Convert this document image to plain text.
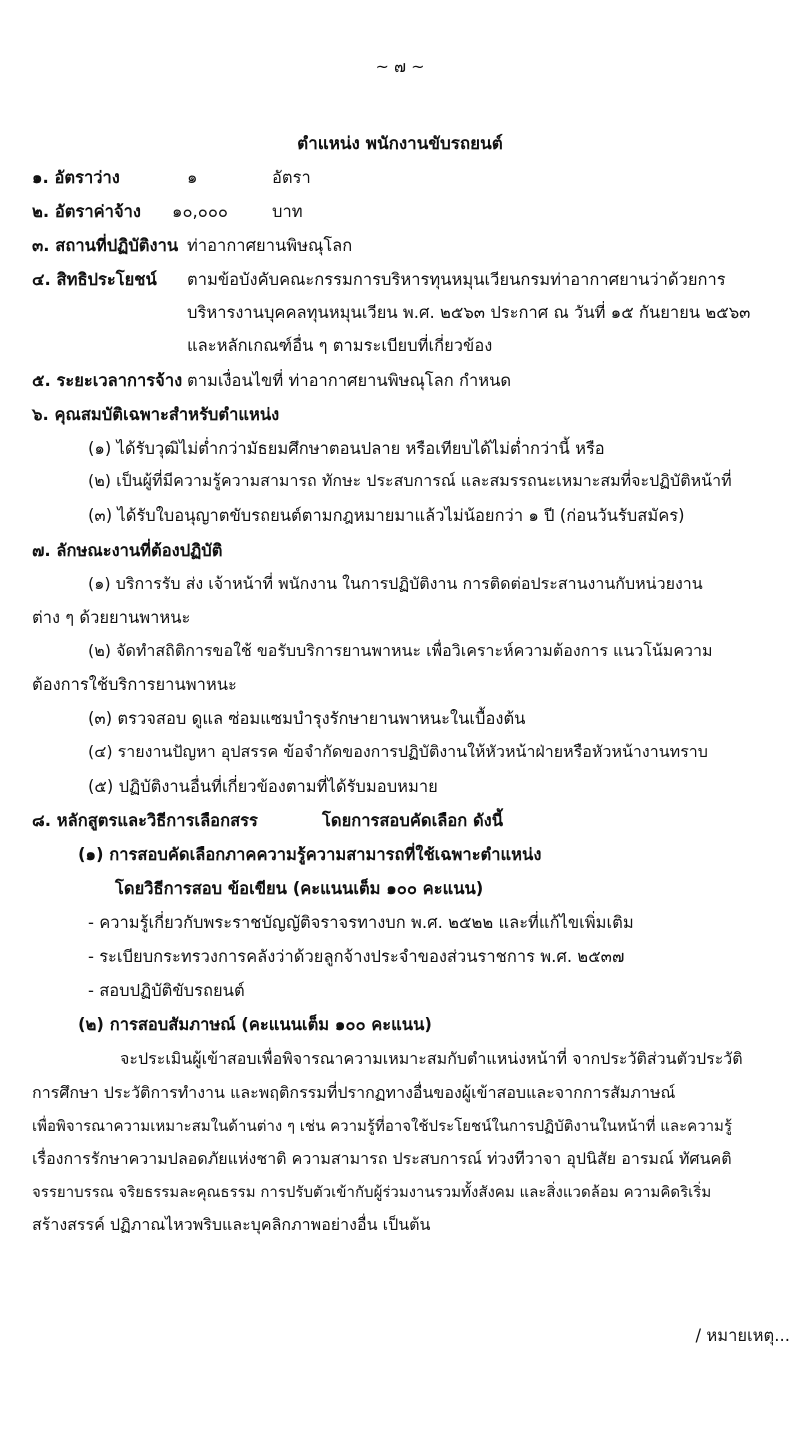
~ ๗ ~
ตำแหน่ง พนักงานขับรถยนต์
๑. อัตราว่าง	๑	อัตรา
๒. อัตราค่าจ้าง ๑๐,๐๐๐	บาท
๓. สถานที่ปฏิบัติงาน ท่าอากาศยานพิษณุโลก
๔. สิทธิประโยชน์ ตามข้อบังคับคณะกรรมการบริหารทุนหมุนเวียนกรมท่าอากาศยานว่าด้วยการ
บริหารงานบุคคลทุนหมุนเวียน พ.ศ. ๒๕๖๓ ประกาศ ณ วันที่ ๑๕ กันยายน ๒๕๖๓
และหลักเกณฑ์อื่น ๆ ตามระเบียบที่เกี่ยวข้อง
๕. ระยะเวลาการจ้าง ตามเงื่อนไขที่ ท่าอากาศยานพิษณุโลก กำหนด
๖. คุณสมบัติเฉพาะสำหรับตำแหน่ง
(๑) ได้รับวุฒิไม่ต่ำกว่ามัธยมศึกษาตอนปลาย หรือเทียบได้ไม่ต่ำกว่านี้ หรือ
(๒) เป็นผู้ที่มีความรู้ความสามารถ ทักษะ ประสบการณ์ และสมรรถนะเหมาะสมที่จะปฏิบัติหน้าที่
(๓) ได้รับใบอนุญาตขับรถยนต์ตามกฎหมายมาแล้วไม่น้อยกว่า ๑ ปี (ก่อนวันรับสมัคร)
๗. ลักษณะงานที่ต้องปฏิบัติ
(๑) บริการรับ ส่ง เจ้าหน้าที่ พนักงาน ในการปฏิบัติงาน การติดต่อประสานงานกับหน่วยงาน
ต่าง ๆ ด้วยยานพาหนะ
(๒) จัดทำสถิติการขอใช้ ขอรับบริการยานพาหนะ เพื่อวิเคราะห์ความต้องการ แนวโน้มความ
ต้องการใช้บริการยานพาหนะ
(๓) ตรวจสอบ ดูแล ซ่อมแซมบำรุงรักษายานพาหนะในเบื้องต้น
(๔) รายงานปัญหา อุปสรรค ข้อจำกัดของการปฏิบัติงานให้หัวหน้าฝ่ายหรือหัวหน้างานทราบ
(๕) ปฏิบัติงานอื่นที่เกี่ยวข้องตามที่ได้รับมอบหมาย
๘. หลักสูตรและวิธีการเลือกสรร	โดยการสอบคัดเลือก ดังนี้
(๑) การสอบคัดเลือกภาคความรู้ความสามารถที่ใช้เฉพาะตำแหน่ง
โดยวิธีการสอบ ข้อเขียน (คะแนนเต็ม ๑๐๐ คะแนน)
- ความรู้เกี่ยวกับพระราชบัญญัติจราจรทางบก พ.ศ. ๒๕๒๒ และที่แก้ไขเพิ่มเติม
- ระเบียบกระทรวงการคลังว่าด้วยลูกจ้างประจำของส่วนราชการ พ.ศ. ๒๕๓๗
- สอบปฏิบัติขับรถยนต์
(๒) การสอบสัมภาษณ์ (คะแนนเต็ม ๑๐๐ คะแนน)
จะประเมินผู้เข้าสอบเพื่อพิจารณาความเหมาะสมกับตำแหน่งหน้าที่ จากประวัติส่วนตัวประวัติ
การศึกษา ประวัติการทำงาน และพฤติกรรมที่ปรากฏทางอื่นของผู้เข้าสอบและจากการสัมภาษณ์
เพื่อพิจารณาความเหมาะสมในด้านต่าง ๆ เช่น ความรู้ที่อาจใช้ประโยชน์ในการปฏิบัติงานในหน้าที่ และความรู้
เรื่องการรักษาความปลอดภัยแห่งชาติ ความสามารถ ประสบการณ์ ท่วงทีวาจา อุปนิสัย อารมณ์ ทัศนคติ
จรรยาบรรณ จริยธรรมละคุณธรรม การปรับตัวเข้ากับผู้ร่วมงานรวมทั้งสังคม และสิ่งแวดล้อม ความคิดริเริ่ม
สร้างสรรค์ ปฏิภาณไหวพริบและบุคลิกภาพอย่างอื่น เป็นต้น
/ หมายเหตุ...
